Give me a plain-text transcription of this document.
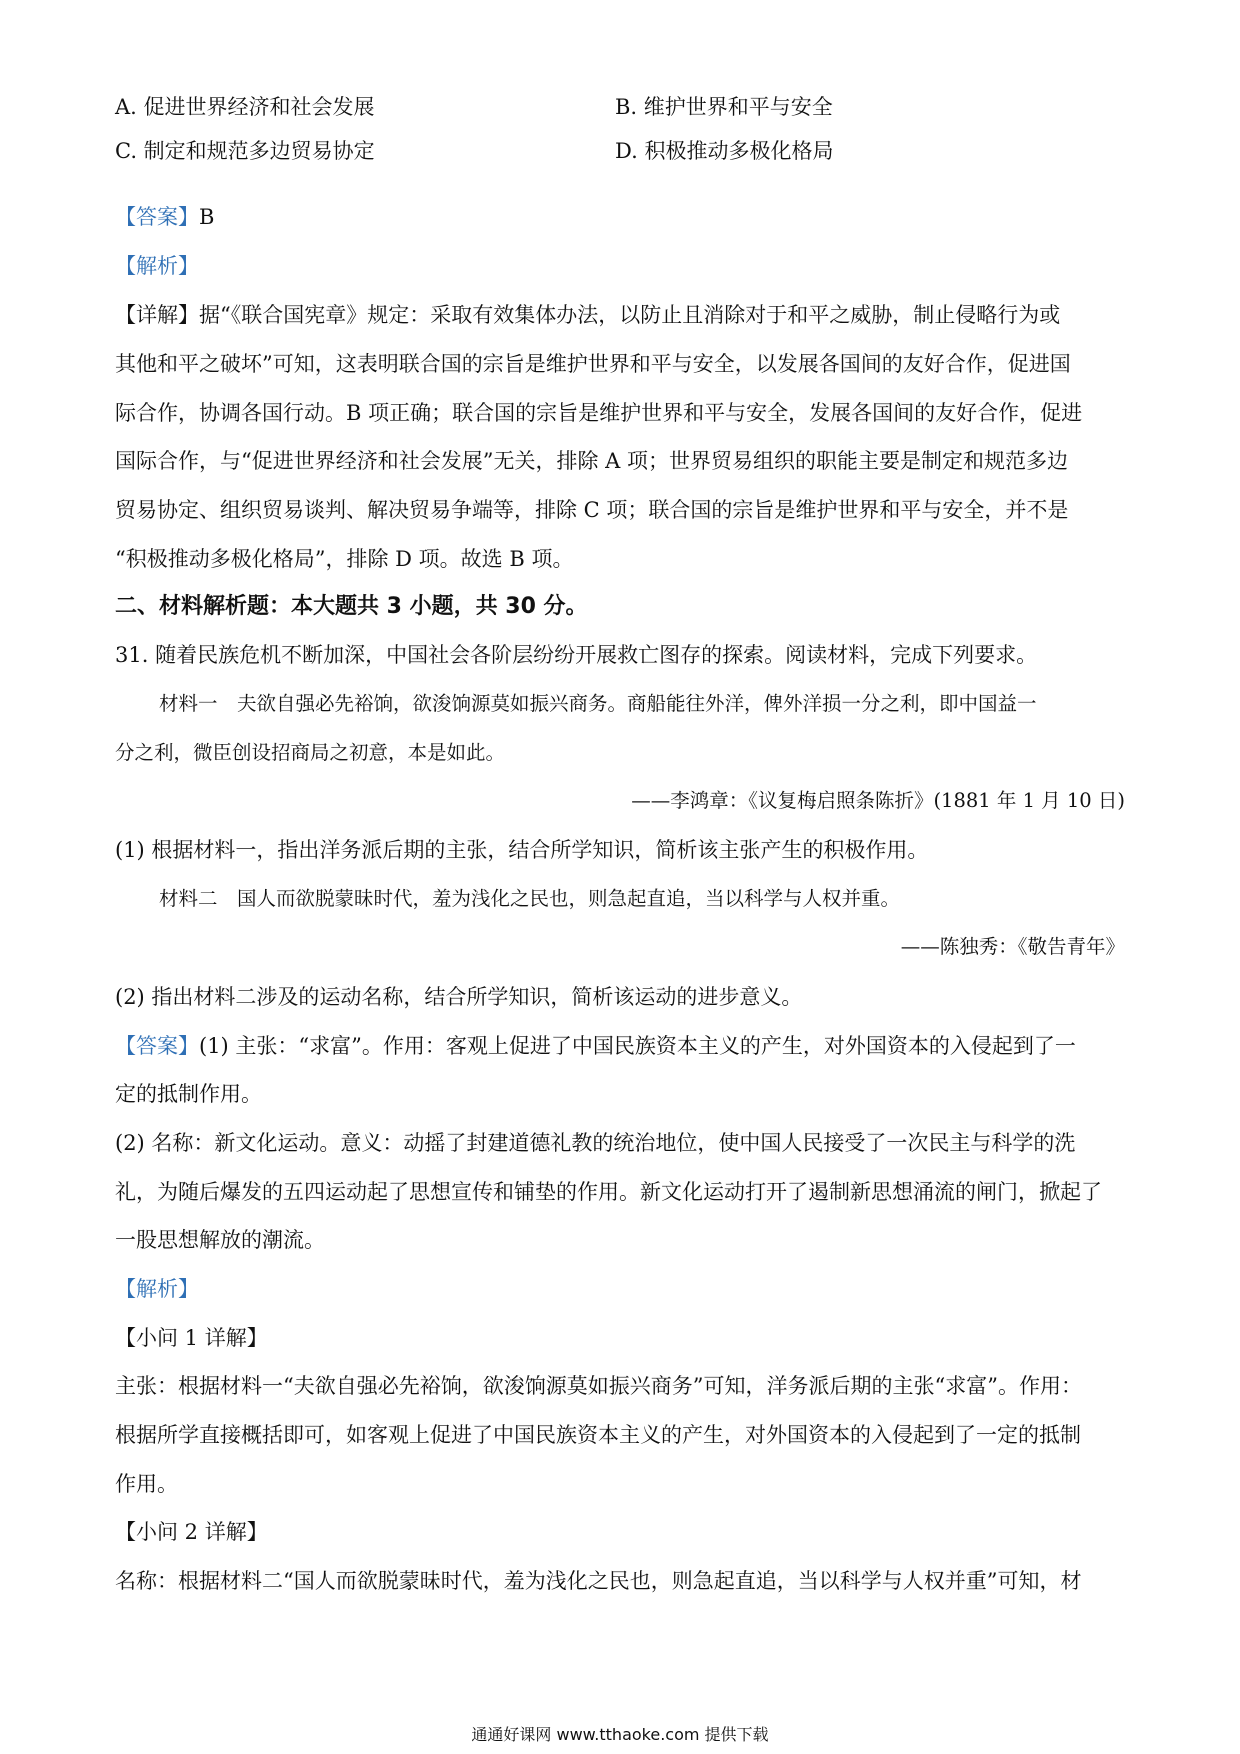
A. 促进世界经济和社会发展	B. 维护世界和平与安全
C. 制定和规范多边贸易协定	D. 积极推动多极化格局
【答案】B
【解析】
【详解】据“《联合国宪章》规定：采取有效集体办法，以防止且消除对于和平之威胁，制止侵略行为或
其他和平之破坏”可知，这表明联合国的宗旨是维护世界和平与安全，以发展各国间的友好合作，促进国
际合作，协调各国行动。B 项正确；联合国的宗旨是维护世界和平与安全，发展各国间的友好合作，促进
国际合作，与“促进世界经济和社会发展”无关，排除 A 项；世界贸易组织的职能主要是制定和规范多边
贸易协定、组织贸易谈判、解决贸易争端等，排除 C 项；联合国的宗旨是维护世界和平与安全，并不是
“积极推动多极化格局”，排除 D 项。故选 B 项。
二、材料解析题：本大题共 3 小题，共 30 分。
31. 随着民族危机不断加深，中国社会各阶层纷纷开展救亡图存的探索。阅读材料，完成下列要求。
材料一　夫欲自强必先裕饷，欲浚饷源莫如振兴商务。商船能往外洋，俾外洋损一分之利，即中国益一
分之利，微臣创设招商局之初意，本是如此。
——李鸿章：《议复梅启照条陈折》(1881 年 1 月 10 日)
(1) 根据材料一，指出洋务派后期的主张，结合所学知识，简析该主张产生的积极作用。
材料二　国人而欲脱蒙昧时代，羞为浅化之民也，则急起直追，当以科学与人权并重。
——陈独秀：《敬告青年》
(2) 指出材料二涉及的运动名称，结合所学知识，简析该运动的进步意义。
【答案】(1) 主张：“求富”。作用：客观上促进了中国民族资本主义的产生，对外国资本的入侵起到了一
定的抵制作用。
(2) 名称：新文化运动。意义：动摇了封建道德礼教的统治地位，使中国人民接受了一次民主与科学的洗
礼，为随后爆发的五四运动起了思想宣传和铺垫的作用。新文化运动打开了遏制新思想涌流的闸门，掀起了
一股思想解放的潮流。
【解析】
【小问 1 详解】
主张：根据材料一“夫欲自强必先裕饷，欲浚饷源莫如振兴商务”可知，洋务派后期的主张“求富”。作用：
根据所学直接概括即可，如客观上促进了中国民族资本主义的产生，对外国资本的入侵起到了一定的抵制
作用。
【小问 2 详解】
名称：根据材料二“国人而欲脱蒙昧时代，羞为浅化之民也，则急起直追，当以科学与人权并重”可知，材
通通好课网 www.tthaoke.com 提供下载
